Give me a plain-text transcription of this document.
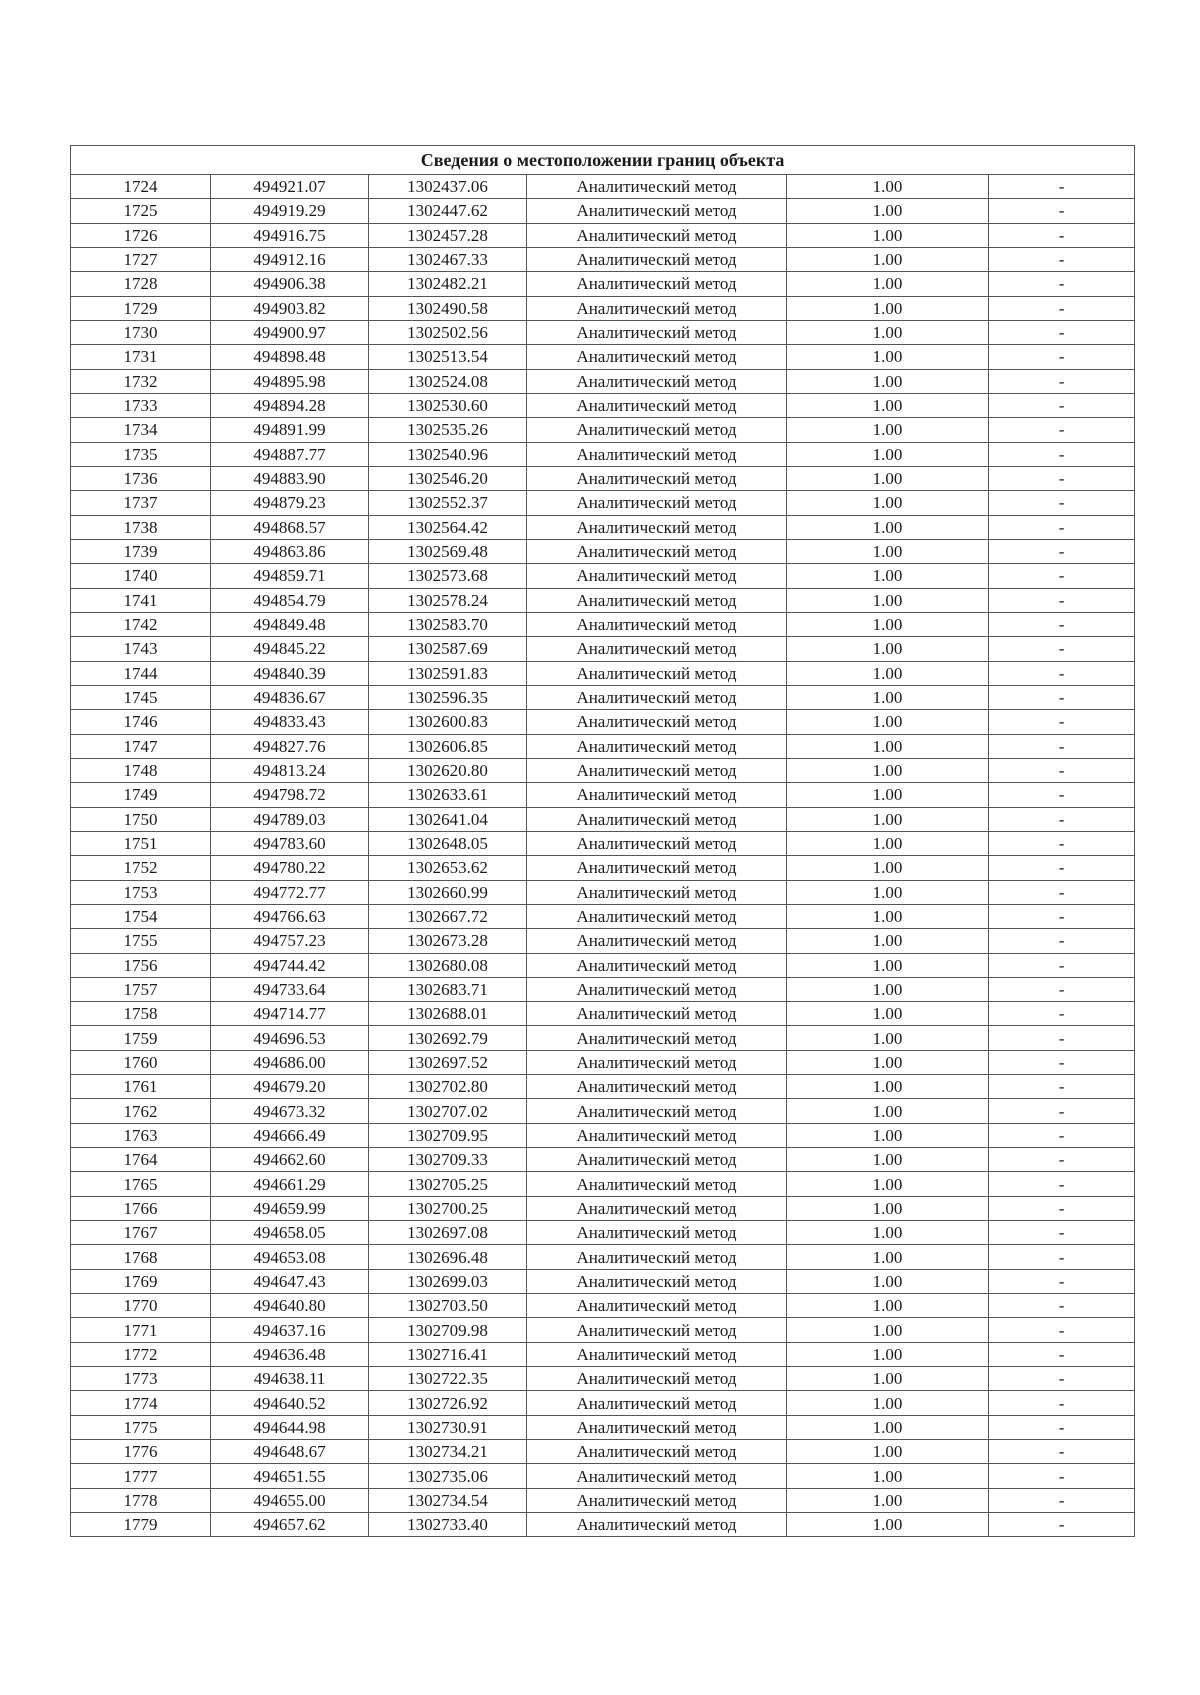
Сведения о местоположении границ объекта					
1724	494921.07	1302437.06	Аналитический метод	1.00	-
1725	494919.29	1302447.62	Аналитический метод	1.00	-
1726	494916.75	1302457.28	Аналитический метод	1.00	-
1727	494912.16	1302467.33	Аналитический метод	1.00	-
1728	494906.38	1302482.21	Аналитический метод	1.00	-
1729	494903.82	1302490.58	Аналитический метод	1.00	-
1730	494900.97	1302502.56	Аналитический метод	1.00	-
1731	494898.48	1302513.54	Аналитический метод	1.00	-
1732	494895.98	1302524.08	Аналитический метод	1.00	-
1733	494894.28	1302530.60	Аналитический метод	1.00	-
1734	494891.99	1302535.26	Аналитический метод	1.00	-
1735	494887.77	1302540.96	Аналитический метод	1.00	-
1736	494883.90	1302546.20	Аналитический метод	1.00	-
1737	494879.23	1302552.37	Аналитический метод	1.00	-
1738	494868.57	1302564.42	Аналитический метод	1.00	-
1739	494863.86	1302569.48	Аналитический метод	1.00	-
1740	494859.71	1302573.68	Аналитический метод	1.00	-
1741	494854.79	1302578.24	Аналитический метод	1.00	-
1742	494849.48	1302583.70	Аналитический метод	1.00	-
1743	494845.22	1302587.69	Аналитический метод	1.00	-
1744	494840.39	1302591.83	Аналитический метод	1.00	-
1745	494836.67	1302596.35	Аналитический метод	1.00	-
1746	494833.43	1302600.83	Аналитический метод	1.00	-
1747	494827.76	1302606.85	Аналитический метод	1.00	-
1748	494813.24	1302620.80	Аналитический метод	1.00	-
1749	494798.72	1302633.61	Аналитический метод	1.00	-
1750	494789.03	1302641.04	Аналитический метод	1.00	-
1751	494783.60	1302648.05	Аналитический метод	1.00	-
1752	494780.22	1302653.62	Аналитический метод	1.00	-
1753	494772.77	1302660.99	Аналитический метод	1.00	-
1754	494766.63	1302667.72	Аналитический метод	1.00	-
1755	494757.23	1302673.28	Аналитический метод	1.00	-
1756	494744.42	1302680.08	Аналитический метод	1.00	-
1757	494733.64	1302683.71	Аналитический метод	1.00	-
1758	494714.77	1302688.01	Аналитический метод	1.00	-
1759	494696.53	1302692.79	Аналитический метод	1.00	-
1760	494686.00	1302697.52	Аналитический метод	1.00	-
1761	494679.20	1302702.80	Аналитический метод	1.00	-
1762	494673.32	1302707.02	Аналитический метод	1.00	-
1763	494666.49	1302709.95	Аналитический метод	1.00	-
1764	494662.60	1302709.33	Аналитический метод	1.00	-
1765	494661.29	1302705.25	Аналитический метод	1.00	-
1766	494659.99	1302700.25	Аналитический метод	1.00	-
1767	494658.05	1302697.08	Аналитический метод	1.00	-
1768	494653.08	1302696.48	Аналитический метод	1.00	-
1769	494647.43	1302699.03	Аналитический метод	1.00	-
1770	494640.80	1302703.50	Аналитический метод	1.00	-
1771	494637.16	1302709.98	Аналитический метод	1.00	-
1772	494636.48	1302716.41	Аналитический метод	1.00	-
1773	494638.11	1302722.35	Аналитический метод	1.00	-
1774	494640.52	1302726.92	Аналитический метод	1.00	-
1775	494644.98	1302730.91	Аналитический метод	1.00	-
1776	494648.67	1302734.21	Аналитический метод	1.00	-
1777	494651.55	1302735.06	Аналитический метод	1.00	-
1778	494655.00	1302734.54	Аналитический метод	1.00	-
1779	494657.62	1302733.40	Аналитический метод	1.00	-
